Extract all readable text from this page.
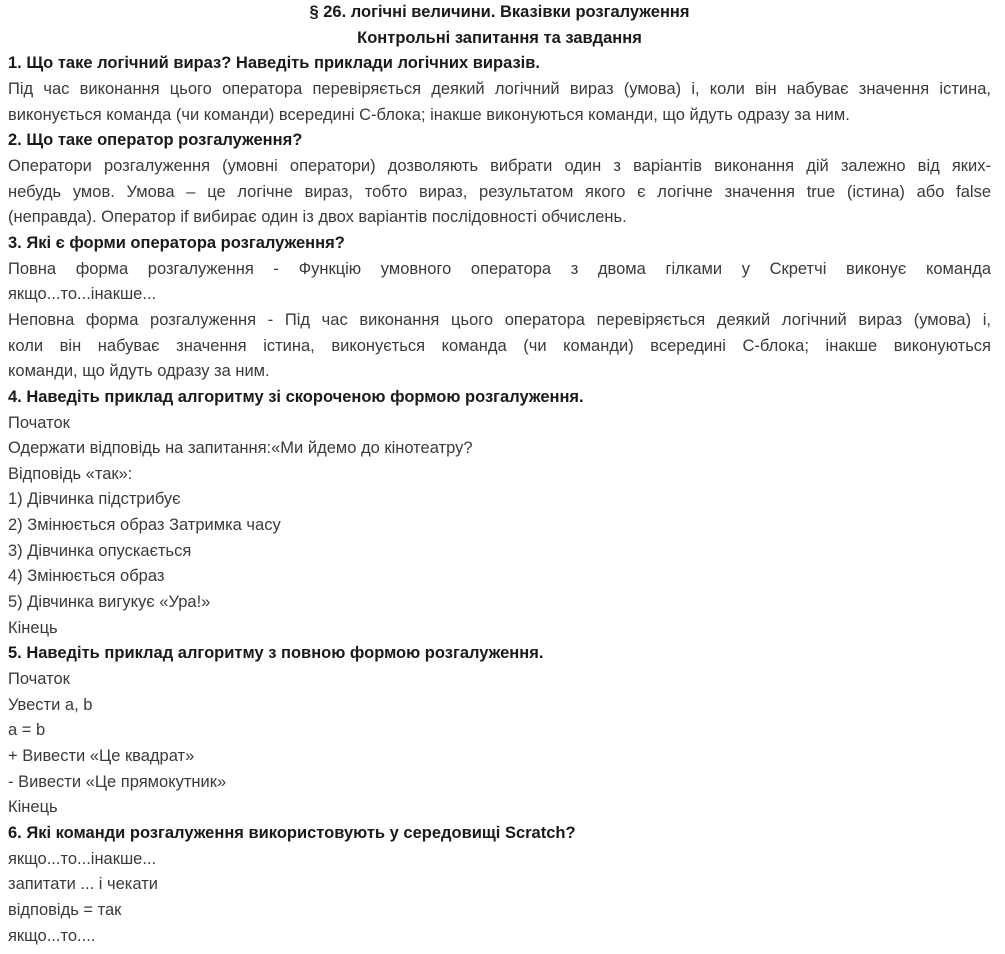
§ 26. логічні величини. Вказівки розгалуження
Контрольні запитання та завдання
1. Що таке логічний вираз? Наведіть приклади логічних виразів.
Під час виконання цього оператора перевіряється деякий логічний вираз (умова) і, коли він набуває значення істина,
виконується команда (чи команди) всередині С-блока; інакше виконуються команди, що йдуть одразу за ним.
2. Що таке оператор розгалуження?
Оператори розгалуження (умовні оператори) дозволяють вибрати один з варіантів виконання дій залежно від яких-
небудь умов. Умова – це логічне вираз, тобто вираз, результатом якого є логічне значення true (істина) або false
(неправда). Оператор if вибирає один із двох варіантів послідовності обчислень.
3. Які є форми оператора розгалуження?
Повна форма розгалуження - Функцію умовного оператора з двома гілками у Скретчі виконує команда
якщо...то...інакше...
Неповна форма розгалуження - Під час виконання цього оператора перевіряється деякий логічний вираз (умова) і,
коли він набуває значення істина, виконується команда (чи команди) всередині С-блока; інакше виконуються
команди, що йдуть одразу за ним.
4. Наведіть приклад алгоритму зі скороченою формою розгалуження.
Початок
Одержати відповідь на запитання:«Ми йдемо до кінотеатру?
Відповідь «так»:
1) Дівчинка підстрибує
2) Змінюється образ Затримка часу
3) Дівчинка опускається
4) Змінюється образ
5) Дівчинка вигукує «Ура!»
Кінець
5. Наведіть приклад алгоритму з повною формою розгалуження.
Початок
Увести a, b
a = b
+ Вивести «Це квадрат»
- Вивести «Це прямокутник»
Кінець
6. Які команди розгалуження використовують у середовищі Scratch?
якщо...то...інакше...
запитати ... і чекати
відповідь = так
якщо...то....
